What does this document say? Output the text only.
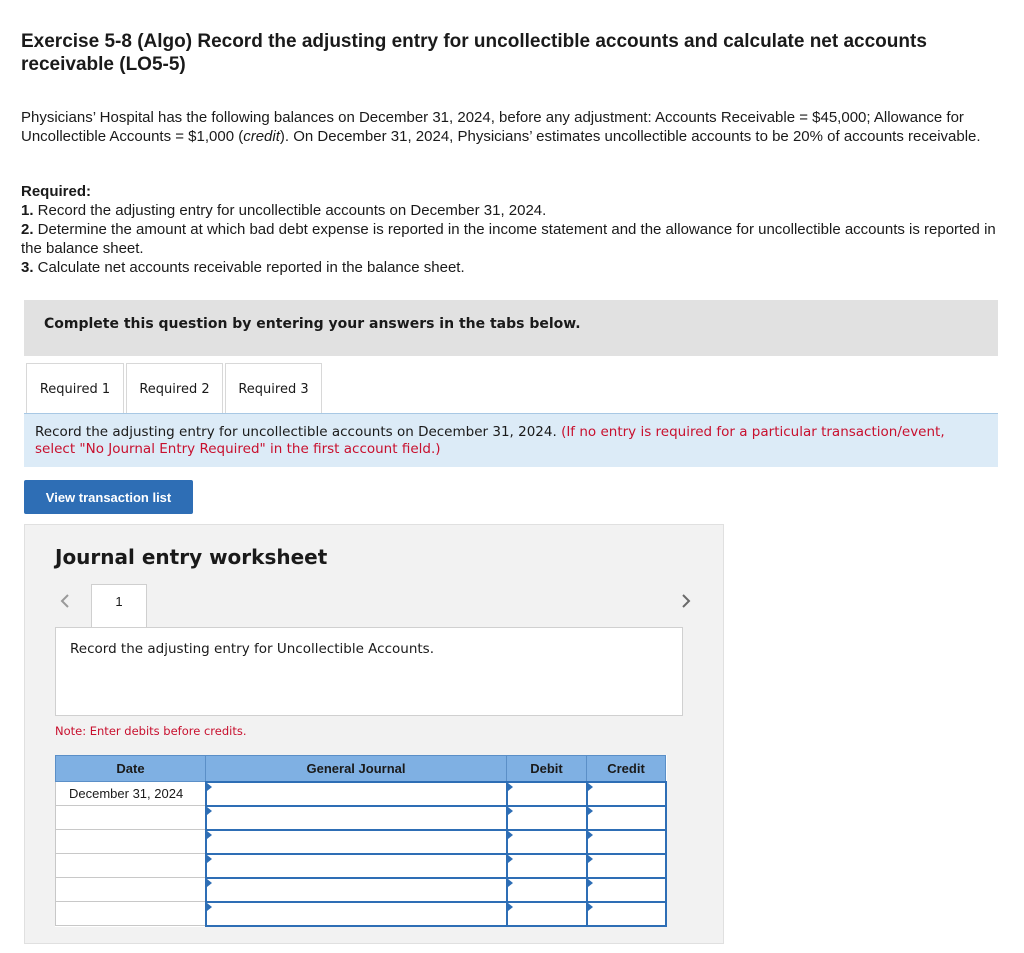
Exercise 5-8 (Algo) Record the adjusting entry for uncollectible accounts and calculate net accounts receivable (LO5-5)
Physicians’ Hospital has the following balances on December 31, 2024, before any adjustment: Accounts Receivable = $45,000; Allowance for Uncollectible Accounts = $1,000 (credit). On December 31, 2024, Physicians’ estimates uncollectible accounts to be 20% of accounts receivable.
Required:
1. Record the adjusting entry for uncollectible accounts on December 31, 2024.
2. Determine the amount at which bad debt expense is reported in the income statement and the allowance for uncollectible accounts is reported in the balance sheet.
3. Calculate net accounts receivable reported in the balance sheet.
Complete this question by entering your answers in the tabs below.
Required 1	Required 2	Required 3
Record the adjusting entry for uncollectible accounts on December 31, 2024. (If no entry is required for a particular transaction/event, select "No Journal Entry Required" in the first account field.)
View transaction list
Journal entry worksheet
1
Record the adjusting entry for Uncollectible Accounts.
Note: Enter debits before credits.
Date	General Journal	Debit	Credit
December 31, 2024			
